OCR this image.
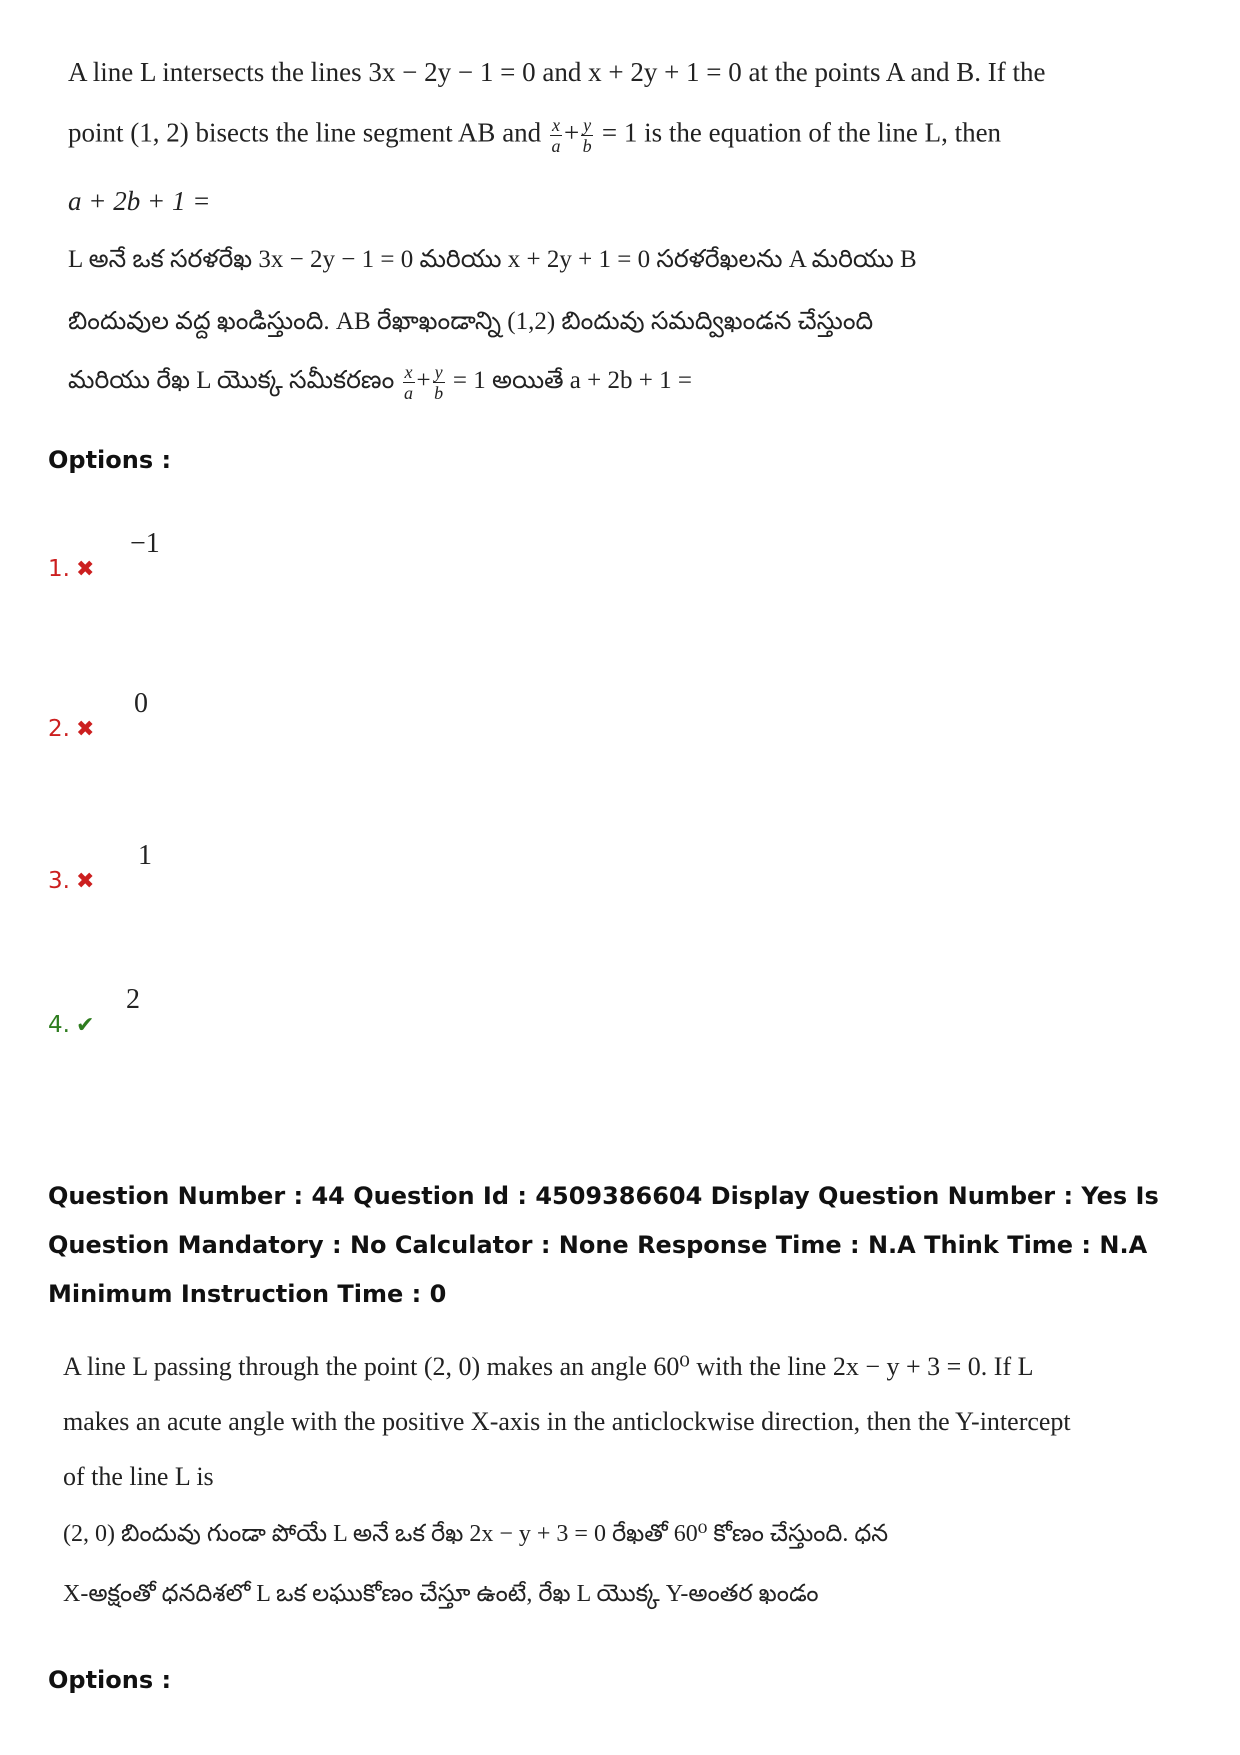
A line L intersects the lines 3x − 2y − 1 = 0 and x + 2y + 1 = 0 at the points A and B. If the
point (1, 2) bisects the line segment AB and $\frac{x}{a} + \frac{y}{b} = 1$ is the equation of the line L, then
a + 2b + 1 =
L అనే ఒక సరళరేఖ 3x − 2y − 1 = 0 మరియు x + 2y + 1 = 0 సరళరేఖలను A మరియు B
బిందువుల వద్ద ఖండిస్తుంది. AB రేఖాఖండాన్ని (1,2) బిందువు సమద్విఖండన చేస్తుంది
మరియు రేఖ L యొక్క సమీకరణం $\frac{x}{a} + \frac{y}{b} = 1$ అయితే a + 2b + 1 =
Options :
−1
1. ✖
0
2. ✖
1
3. ✖
2
4. ✔
Question Number : 44 Question Id : 4509386604 Display Question Number : Yes Is Question Mandatory : No Calculator : None Response Time : N.A Think Time : N.A Minimum Instruction Time : 0
A line L passing through the point (2, 0) makes an angle 60⁰ with the line 2x − y + 3 = 0. If L
makes an acute angle with the positive X-axis in the anticlockwise direction, then the Y-intercept
of the line L is
(2, 0) బిందువు గుండా పోయే L అనే ఒక రేఖ 2x − y + 3 = 0 రేఖతో 60⁰ కోణం చేస్తుంది. ధన
X-అక్షంతో ధనదిశలో L ఒక లఘుకోణం చేస్తూ ఉంటే, రేఖ L యొక్క Y-అంతర ఖండం
Options :
